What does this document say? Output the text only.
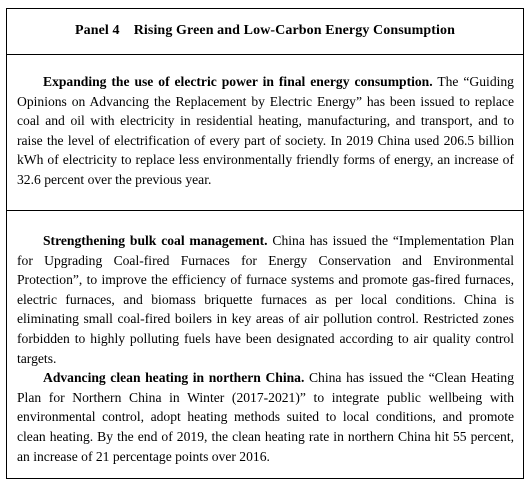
Panel 4 Rising Green and Low-Carbon Energy Consumption

Expanding the use of electric power in final energy consumption. The “Guiding Opinions on Advancing the Replacement by Electric Energy” has been issued to replace coal and oil with electricity in residential heating, manufacturing, and transport, and to raise the level of electrification of every part of society. In 2019 China used 206.5 billion kWh of electricity to replace less environmentally friendly forms of energy, an increase of 32.6 percent over the previous year.

Strengthening bulk coal management. China has issued the “Implementation Plan for Upgrading Coal-fired Furnaces for Energy Conservation and Environmental Protection”, to improve the efficiency of furnace systems and promote gas-fired furnaces, electric furnaces, and biomass briquette furnaces as per local conditions. China is eliminating small coal-fired boilers in key areas of air pollution control. Restricted zones forbidden to highly polluting fuels have been designated according to air quality control targets.

Advancing clean heating in northern China. China has issued the “Clean Heating Plan for Northern China in Winter (2017-2021)” to integrate public wellbeing with environmental control, adopt heating methods suited to local conditions, and promote clean heating. By the end of 2019, the clean heating rate in northern China hit 55 percent, an increase of 21 percentage points over 2016.
